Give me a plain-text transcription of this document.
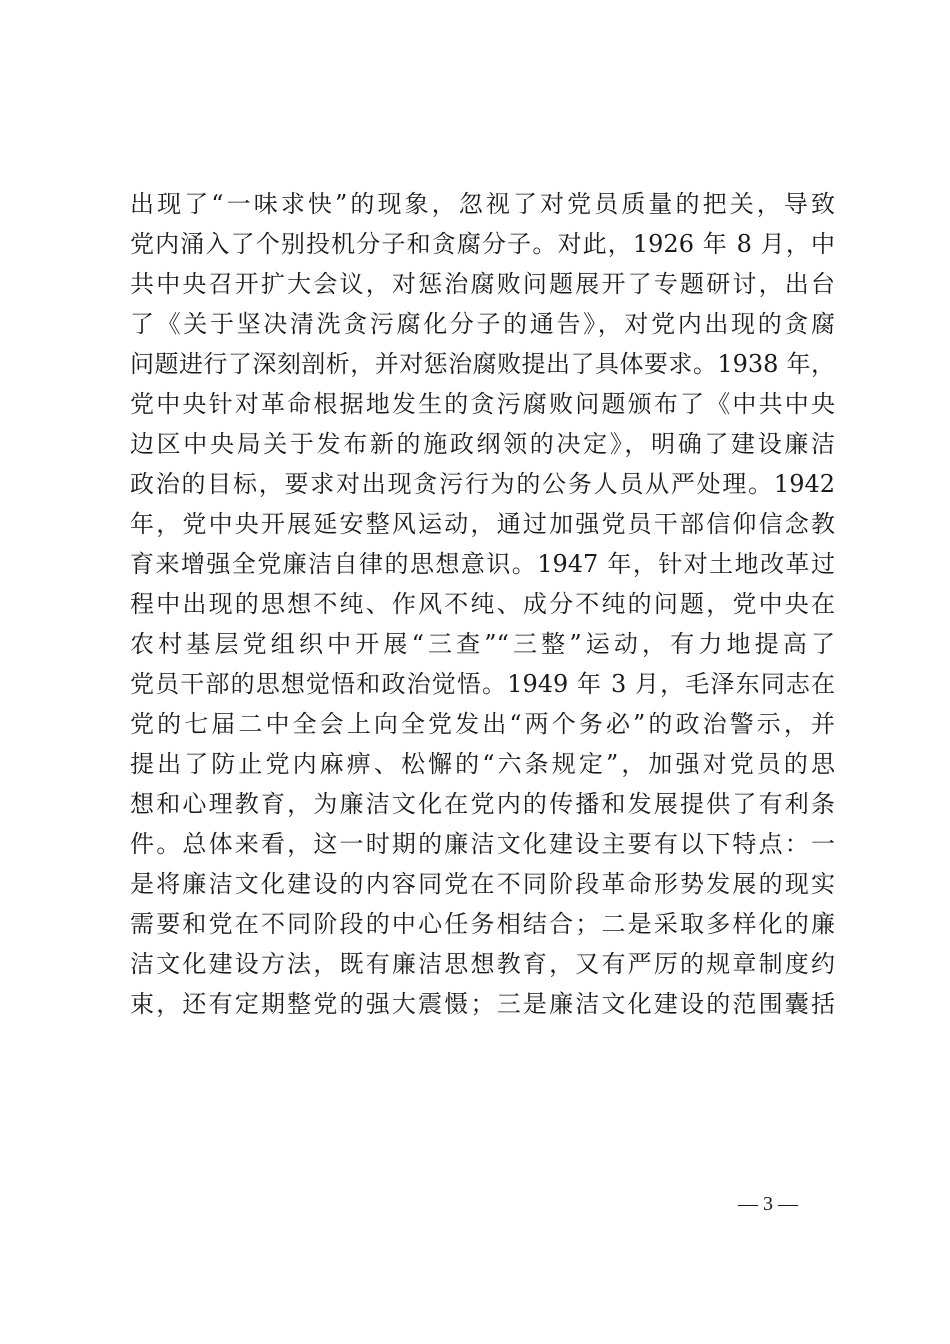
出现了“一味求快”的现象，忽视了对党员质量的把关，导致
党内涌入了个别投机分子和贪腐分子。对此，1926 年 8 月，中
共中央召开扩大会议，对惩治腐败问题展开了专题研讨，出台
了《关于坚决清洗贪污腐化分子的通告》，对党内出现的贪腐
问题进行了深刻剖析，并对惩治腐败提出了具体要求。1938 年，
党中央针对革命根据地发生的贪污腐败问题颁布了《中共中央
边区中央局关于发布新的施政纲领的决定》，明确了建设廉洁
政治的目标，要求对出现贪污行为的公务人员从严处理。1942
年，党中央开展延安整风运动，通过加强党员干部信仰信念教
育来增强全党廉洁自律的思想意识。1947 年，针对土地改革过
程中出现的思想不纯、作风不纯、成分不纯的问题，党中央在
农村基层党组织中开展“三查”“三整”运动，有力地提高了
党员干部的思想觉悟和政治觉悟。1949 年 3 月，毛泽东同志在
党的七届二中全会上向全党发出“两个务必”的政治警示，并
提出了防止党内麻痹、松懈的“六条规定”，加强对党员的思
想和心理教育，为廉洁文化在党内的传播和发展提供了有利条
件。总体来看，这一时期的廉洁文化建设主要有以下特点：一
是将廉洁文化建设的内容同党在不同阶段革命形势发展的现实
需要和党在不同阶段的中心任务相结合；二是采取多样化的廉
洁文化建设方法，既有廉洁思想教育，又有严厉的规章制度约
束，还有定期整党的强大震慑；三是廉洁文化建设的范围囊括
— 3 —
